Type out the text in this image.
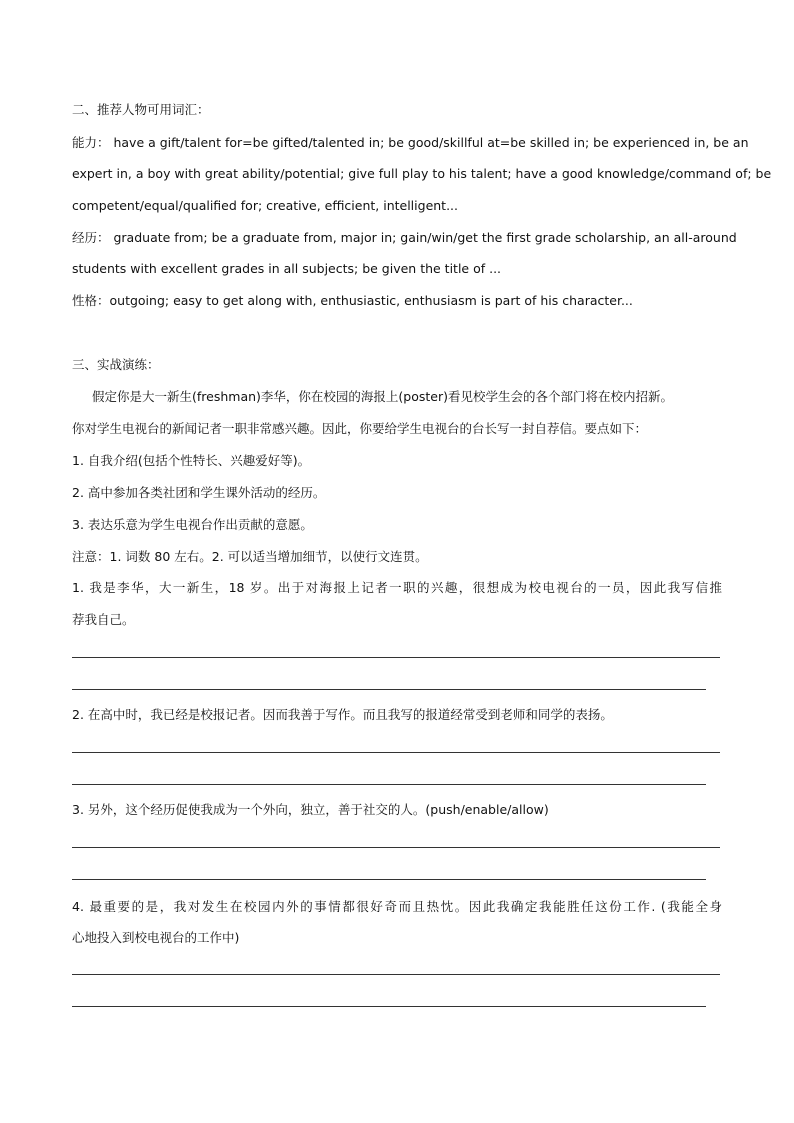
二、推荐人物可用词汇：
能力： have a gift/talent for=be gifted/talented in; be good/skillful at=be skilled in; be experienced in, be an
expert in, a boy with great ability/potential; give full play to his talent; have a good knowledge/command of; be
competent/equal/qualified for; creative, efficient, intelligent...
经历： graduate from; be a graduate from, major in; gain/win/get the first grade scholarship, an all-around
students with excellent grades in all subjects; be given the title of ...
性格：outgoing; easy to get along with, enthusiastic, enthusiasm is part of his character...
三、实战演练：
假定你是大一新生(freshman)李华，你在校园的海报上(poster)看见校学生会的各个部门将在校内招新。
你对学生电视台的新闻记者一职非常感兴趣。因此，你要给学生电视台的台长写一封自荐信。要点如下：
1. 自我介绍(包括个性特长、兴趣爱好等)。
2. 高中参加各类社团和学生课外活动的经历。
3. 表达乐意为学生电视台作出贡献的意愿。
注意：1. 词数 80 左右。2. 可以适当增加细节，以使行文连贯。
1. 我是李华，大一新生，18 岁。出于对海报上记者一职的兴趣，很想成为校电视台的一员，因此我写信推
荐我自己。
2. 在高中时，我已经是校报记者。因而我善于写作。而且我写的报道经常受到老师和同学的表扬。
3. 另外，这个经历促使我成为一个外向，独立，善于社交的人。(push/enable/allow)
4. 最重要的是，我对发生在校园内外的事情都很好奇而且热忱。因此我确定我能胜任这份工作. (我能全身
心地投入到校电视台的工作中)
